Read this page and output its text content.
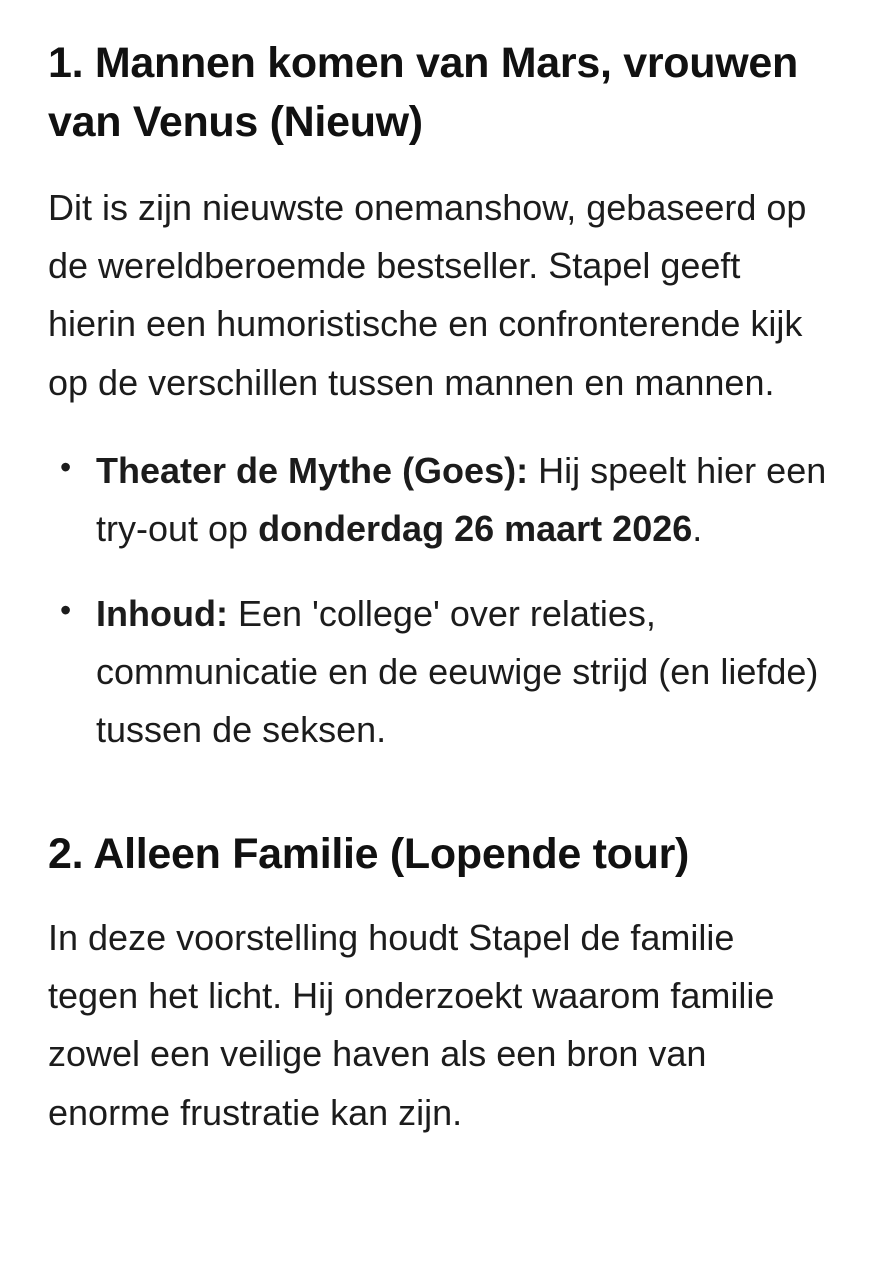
1. Mannen komen van Mars, vrouwen van Venus (Nieuw)

Dit is zijn nieuwste onemanshow, gebaseerd op de wereldberoemde bestseller. Stapel geeft hierin een humoristische en confronterende kijk op de verschillen tussen mannen en mannen.

• Theater de Mythe (Goes): Hij speelt hier een try-out op donderdag 26 maart 2026.
• Inhoud: Een 'college' over relaties, communicatie en de eeuwige strijd (en liefde) tussen de seksen.
2. Alleen Familie (Lopende tour)

In deze voorstelling houdt Stapel de familie tegen het licht. Hij onderzoekt waarom familie zowel een veilige haven als een bron van enorme frustratie kan zijn.
